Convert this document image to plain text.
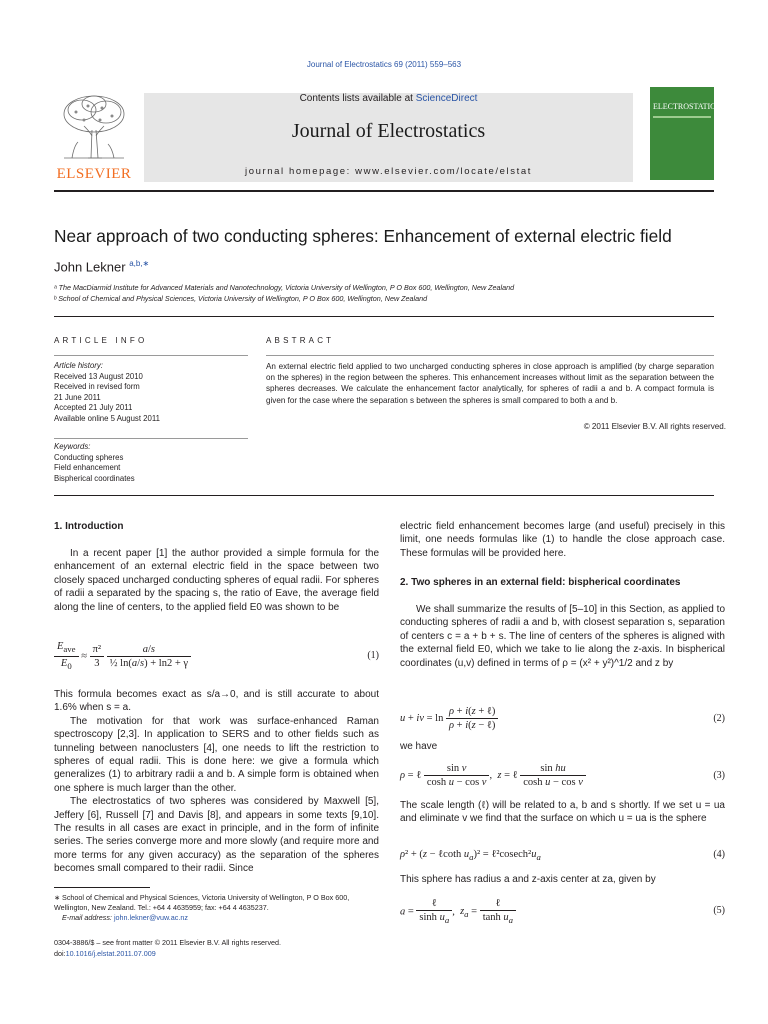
Journal of Electrostatics 69 (2011) 559–563
ELSEVIER
Contents lists available at ScienceDirect
Journal of Electrostatics
journal homepage: www.elsevier.com/locate/elstat
ELECTROSTATICS
Near approach of two conducting spheres: Enhancement of external electric field
John Lekner $^{a,b,∗}$
ᵃ The MacDiarmid Institute for Advanced Materials and Nanotechnology, Victoria University of Wellington, P O Box 600, Wellington, New Zealand
ᵇ School of Chemical and Physical Sciences, Victoria University of Wellington, P O Box 600, Wellington, New Zealand
ARTICLE INFO
Article history:
Received 13 August 2010
Received in revised form
21 June 2011
Accepted 21 July 2011
Available online 5 August 2011
Keywords:
Conducting spheres
Field enhancement
Bispherical coordinates
ABSTRACT
An external electric field applied to two uncharged conducting spheres in close approach is amplified (by charge separation on the spheres) in the region between the spheres. This enhancement increases without limit as the separation between the spheres decreases. We calculate the enhancement factor analytically, for spheres of radii a and b. A compact formula is given for the case where the separation s between the spheres is small compared to both a and b.
© 2011 Elsevier B.V. All rights reserved.
1. Introduction

In a recent paper [1] the author provided a simple formula for the enhancement of an external electric field in the space between two closely spaced uncharged conducting spheres of equal radii. For spheres of radii a separated by the spacing s, the ratio of Eave, the average field along the line of centers, to the applied field E0 was shown to be

$\frac{E_{ave}}{E_0} \approx \frac{\text{π²}}{3}$
$\frac{a/s}{\text{½ ln(a/s) + ln2 + γ}}$	(1)

This formula becomes exact as s/a→0, and is still accurate to about 1.6% when s = a.

The motivation for that work was surface-enhanced Raman spectroscopy [2,3]. In application to SERS and to other fields such as tunneling between nanoclusters [4], one needs to lift the restriction to spheres of equal radii. This is done here: we give a formula which generalizes (1) to arbitrary radii a and b. A simple form is obtained when one sphere is much larger than the other.

The electrostatics of two spheres was considered by Maxwell [5], Jeffery [6], Russell [7] and Davis [8], and appears in some texts [9,10]. The results in all cases are exact in principle, and in the form of infinite series. The series converge more and more slowly (and require more and more terms for any given accuracy) as the separation of the spheres becomes small compared to their radii. Since

∗ School of Chemical and Physical Sciences, Victoria University of Wellington, P O Box 600, Wellington, New Zealand. Tel.: +64 4 4635959; fax: +64 4 4635237.
E-mail address: john.lekner@vuw.ac.nz
0304-3886/$ – see front matter © 2011 Elsevier B.V. All rights reserved.
doi:10.1016/j.elstat.2011.07.009
electric field enhancement becomes large (and useful) precisely in this limit, one needs formulas like (1) to handle the close approach case. These formulas will be provided here.
2. Two spheres in an external field: bispherical coordinates

We shall summarize the results of [5–10] in this Section, as applied to conducting spheres of radii a and b, with closest separation s, separation of centers c = a + b + s. The line of centers of the spheres is aligned with the external field E0, which we take to lie along the z-axis. In bispherical coordinates (u,v) defined in terms of ρ = (x² + y²)^1/2 and z by

u + iv = $\ln \frac{\text{ρ + i(z + ℓ)}}{\text{ρ + i(z − ℓ)}}$	(2)
we have
ρ = ℓ $\frac{\text{sin v}}{\text{cosh u − cos v}}$ ,  z = ℓ $\frac{\text{sin hu}}{\text{cosh u − cos v}}$	(3)
The scale length (ℓ) will be related to a, b and s shortly. If we set u = ua and eliminate v we find that the surface on which u = ua is the sphere
ρ² + (z − ℓcoth $u_a)^2$ = $\ell^2cosech^2u_a$	(4)
This sphere has radius a and z-axis center at za, given by
$a = \frac{\text{ℓ}}{\sinh u_a}$ ,  $z_a = \frac{\text{ℓ}}{\tanh u_a}$	(5)
